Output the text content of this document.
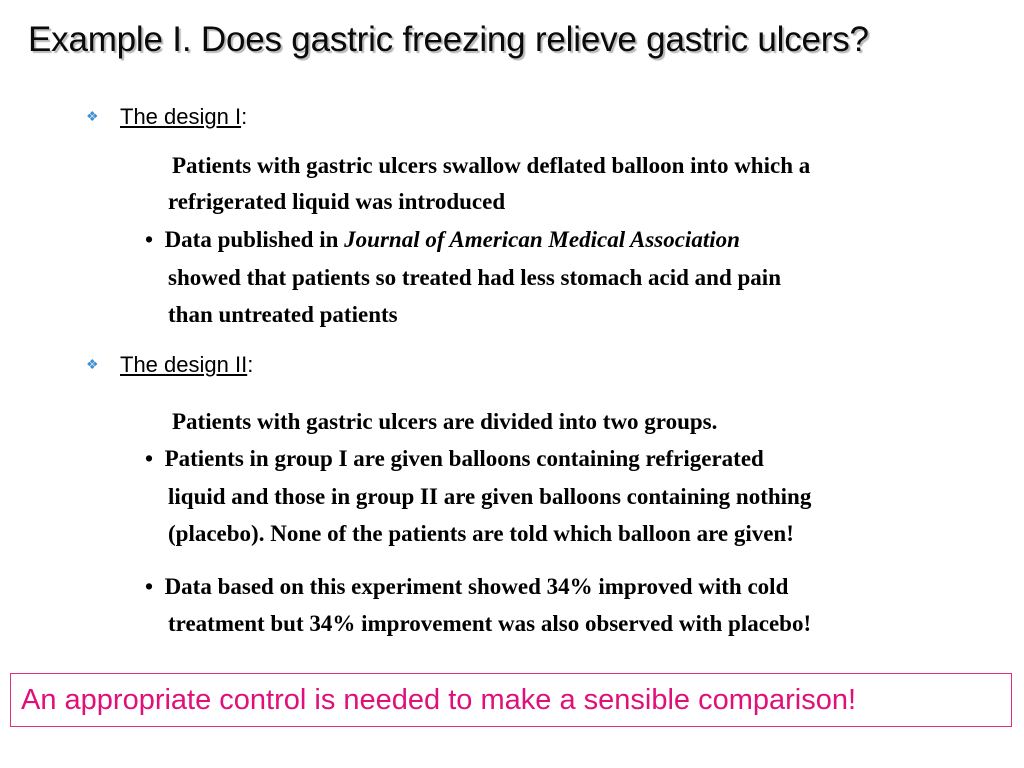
Example I. Does gastric freezing relieve gastric ulcers?
❖ The design I:
Patients with gastric ulcers swallow deflated balloon into which a
refrigerated liquid was introduced
• Data published in Journal of American Medical Association
showed that patients so treated had less stomach acid and pain
than untreated patients
❖ The design II:
Patients with gastric ulcers are divided into two groups.
• Patients in group I are given balloons containing refrigerated
liquid and those in group II are given balloons containing nothing
(placebo). None of the patients are told which balloon are given!
• Data based on this experiment showed 34% improved with cold
treatment but 34% improvement was also observed with placebo!
An appropriate control is needed to make a sensible comparison!
